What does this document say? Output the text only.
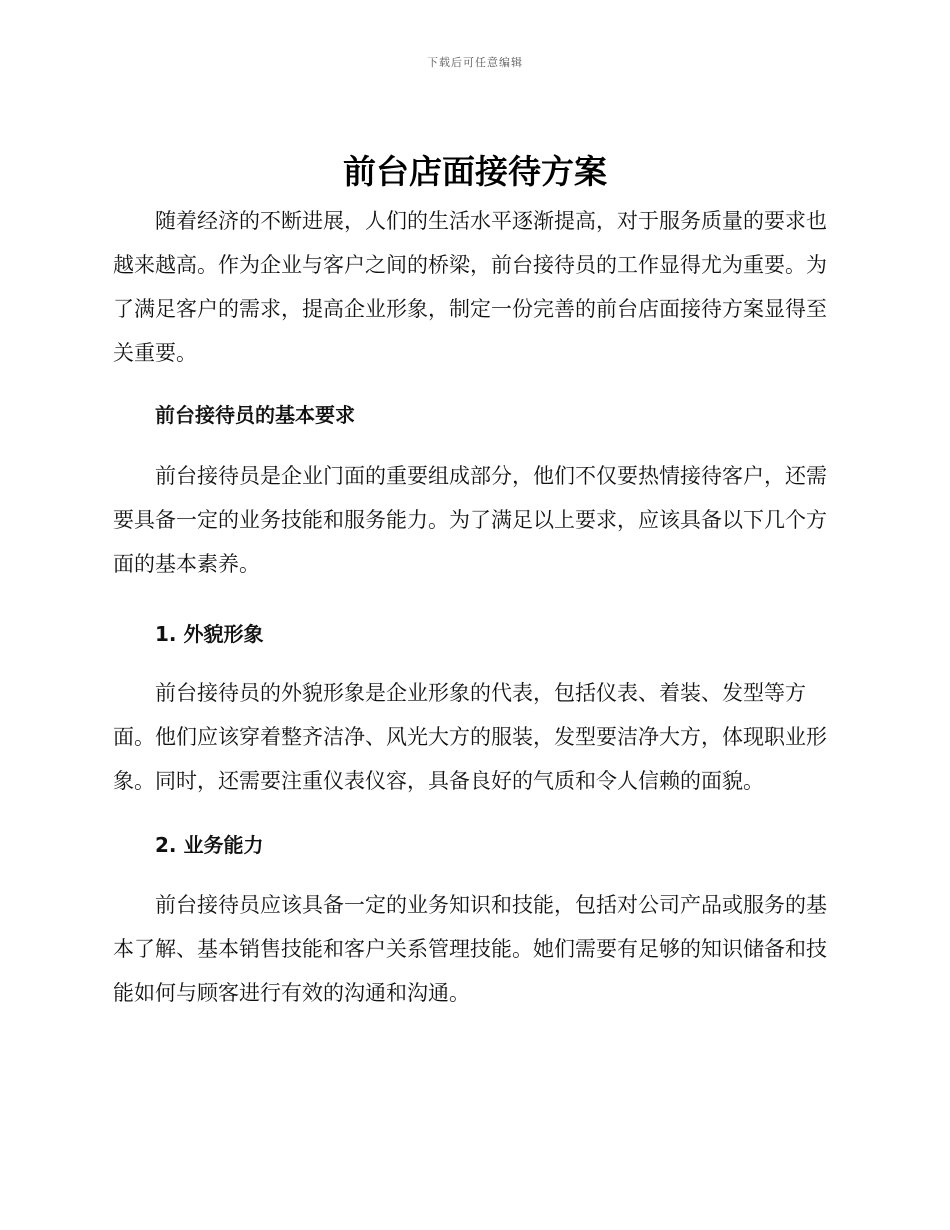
下载后可任意编辑
前台店面接待方案

随着经济的不断进展，人们的生活水平逐渐提高，对于服务质量的要求也越来越高。作为企业与客户之间的桥梁，前台接待员的工作显得尤为重要。为了满足客户的需求，提高企业形象，制定一份完善的前台店面接待方案显得至关重要。

前台接待员的基本要求

前台接待员是企业门面的重要组成部分，他们不仅要热情接待客户，还需要具备一定的业务技能和服务能力。为了满足以上要求，应该具备以下几个方面的基本素养。

1. 外貌形象

前台接待员的外貌形象是企业形象的代表，包括仪表、着装、发型等方面。他们应该穿着整齐洁净、风光大方的服装，发型要洁净大方，体现职业形象。同时，还需要注重仪表仪容，具备良好的气质和令人信赖的面貌。

2. 业务能力

前台接待员应该具备一定的业务知识和技能，包括对公司产品或服务的基本了解、基本销售技能和客户关系管理技能。她们需要有足够的知识储备和技能如何与顾客进行有效的沟通和沟通。
